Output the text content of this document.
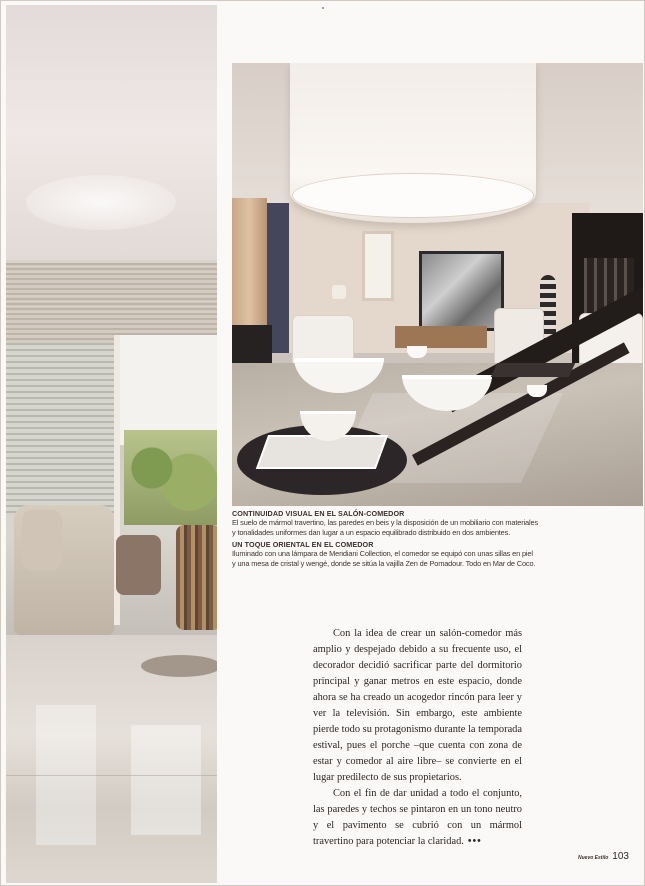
CONTINUIDAD VISUAL EN EL SALÓN-COMEDOR
El suelo de mármol travertino, las paredes en beis y la disposición de un mobiliario con materiales
y tonalidades uniformes dan lugar a un espacio equilibrado distribuido en dos ambientes.
UN TOQUE ORIENTAL EN EL COMEDOR
Iluminado con una lámpara de Meridiani Collection, el comedor se equipó con unas sillas en piel
y una mesa de cristal y wengé, donde se sitúa la vajilla Zen de Pomadour. Todo en Mar de Coco.

Con la idea de crear un salón-comedor más amplio y despejado debido a su frecuente uso, el decorador decidió sacrificar parte del dormitorio principal y ganar metros en este espacio, donde ahora se ha creado un acogedor rincón para leer y ver la televisión. Sin embargo, este ambiente pierde todo su protagonismo durante la temporada estival, pues el porche –que cuenta con zona de estar y comedor al aire libre– se convierte en el lugar predilecto de sus propietarios.

Con el fin de dar unidad a todo el conjunto, las paredes y techos se pintaron en un tono neutro y el pavimento se cubrió con un mármol travertino para potenciar la claridad. •••

Nuevo Estilo 103
